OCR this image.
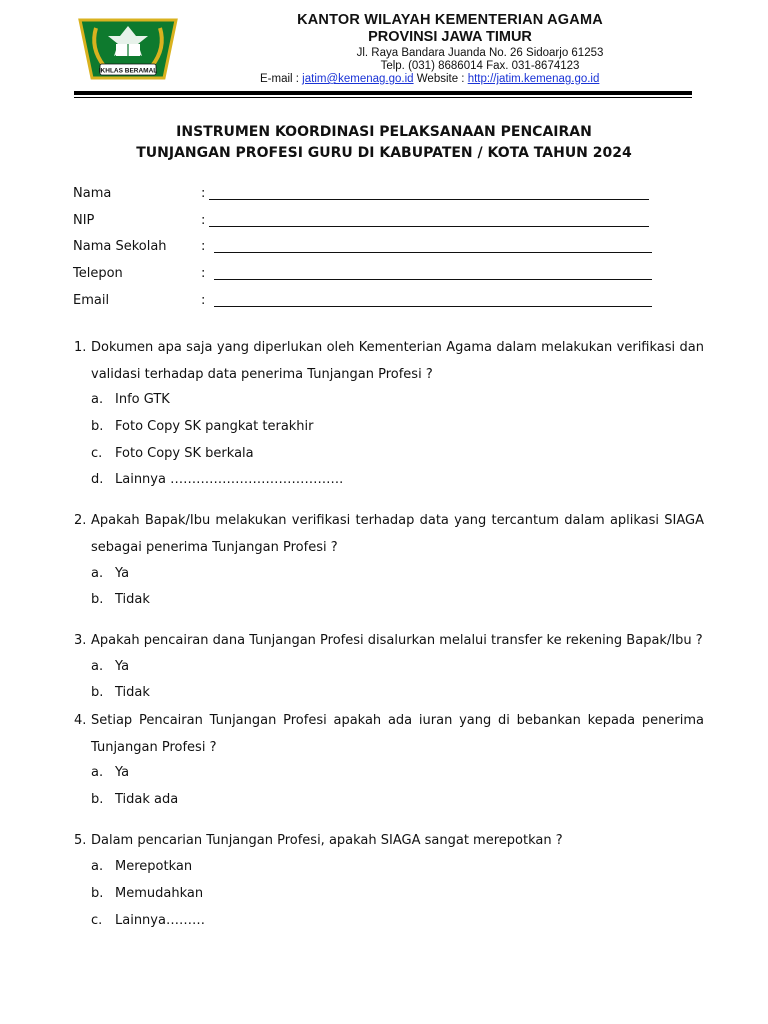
IKHLAS BERAMAL
KANTOR WILAYAH KEMENTERIAN AGAMA
PROVINSI JAWA TIMUR
Jl. Raya Bandara Juanda No. 26 Sidoarjo 61253
Telp. (031) 8686014 Fax. 031-8674123
E-mail : jatim@kemenag.go.id Website : http://jatim.kemenag.go.id
INSTRUMEN KOORDINASI PELAKSANAAN PENCAIRAN
TUNJANGAN PROFESI GURU DI KABUPATEN / KOTA TAHUN 2024
Nama	:
NIP	:
Nama Sekolah	:
Telepon	:
Email	:
1. Dokumen apa saja yang diperlukan oleh Kementerian Agama dalam melakukan verifikasi dan validasi terhadap data penerima Tunjangan Profesi ?
a. Info GTK
b. Foto Copy SK pangkat terakhir
c. Foto Copy SK berkala
d. Lainnya ………………………………….
2. Apakah Bapak/Ibu melakukan verifikasi terhadap data yang tercantum dalam aplikasi SIAGA sebagai penerima Tunjangan Profesi ?
a. Ya
b. Tidak
3. Apakah pencairan dana Tunjangan Profesi disalurkan melalui transfer ke rekening Bapak/Ibu ?
a. Ya
b. Tidak
4. Setiap Pencairan Tunjangan Profesi apakah ada iuran yang di bebankan kepada penerima Tunjangan Profesi ?
a. Ya
b. Tidak ada
5. Dalam pencarian Tunjangan Profesi, apakah SIAGA sangat merepotkan ?
a. Merepotkan
b. Memudahkan
c. Lainnya………
